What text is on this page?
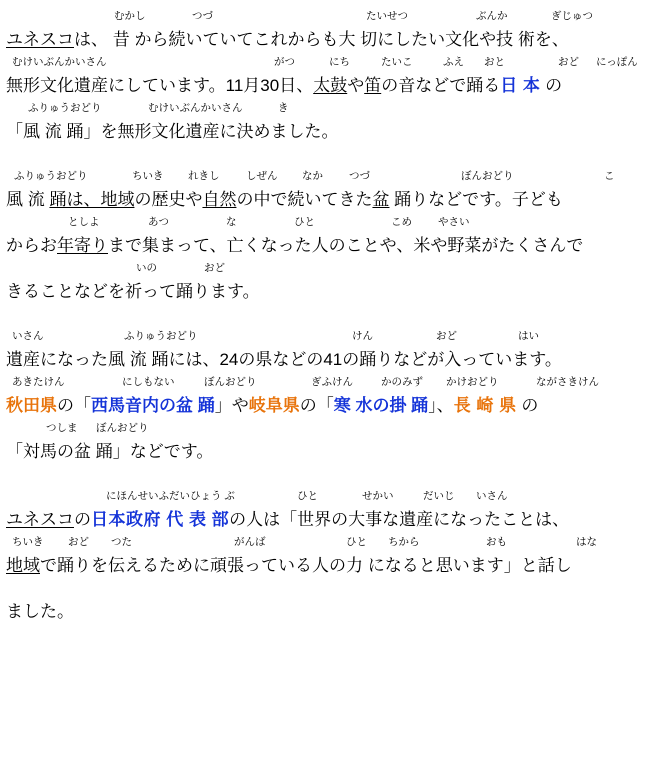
むかし	つづ	たいせつ	ぶんか	ぎじゅつ
ユネスコは、 昔 から続いていてこれからも大 切にしたい文化や技 術を、
むけいぶんかいさん	がつ	にち	たいこ	ふえ おと	おど にっぽん
無形文化遺産にしています。11月30日、太鼓や笛の音などで踊る日 本 の
ふりゅうおどり	むけいぶんかいさん	き
「風 流 踊」を無形文化遺産に決めました。
ふりゅうおどり	ちいき れきし	しぜん なか つづ	ぼんおどり	こ
風 流 踊は、地域の歴史や自然の中で続いてきた盆 踊りなどです。子ども
としよ	あつ	な	ひと	こめ やさい
からお年寄りまで集まって、亡くなった人のことや、米や野菜がたくさんで
いの	おど
きることなどを祈って踊ります。
いさん	ふりゅうおどり	けん	おど	はい
遺産になった風 流 踊には、24の県などの41の踊りなどが入っています。
あきたけん	にしもない	ぼんおどり	ぎふけん	かのみず かけおどり	ながさきけん
秋田県の「西馬音内の盆 踊」や岐阜県の「寒 水の掛 踊」、長 崎 県 の
つしま ぼんおどり
「対馬の盆 踊」などです。
にほんせいふだいひょう ぶ	ひと	せかい	だいじ いさん
ユネスコの日本政府 代 表 部の人は「世界の大事な遺産になったことは、
ちいき おど つた	がんば	ひと ちから	おも	はな
地域で踊りを伝えるために頑張っている人の力 になると思います」と話し
ました。
